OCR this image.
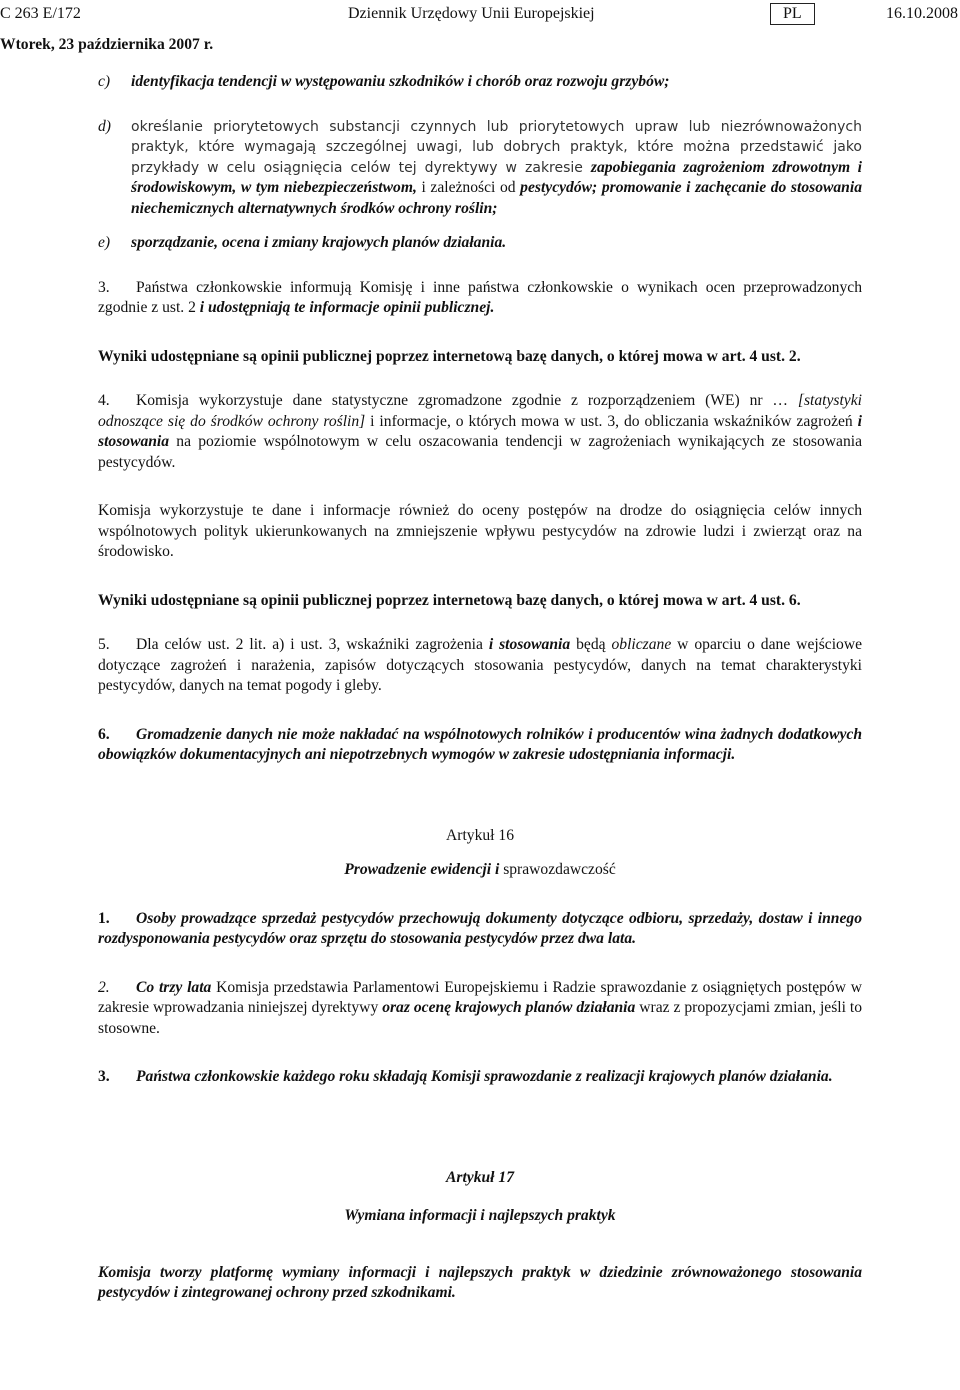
C 263 E/172	Dziennik Urzędowy Unii Europejskiej	PL	16.10.2008
Wtorek, 23 października 2007 r.
c) identyfikacja tendencji w występowaniu szkodników i chorób oraz rozwoju grzybów;
d) określanie priorytetowych substancji czynnych lub priorytetowych upraw lub niezrównoważonych praktyk, które wymagają szczególnej uwagi, lub dobrych praktyk, które można przedstawić jako przykłady w celu osiągnięcia celów tej dyrektywy w zakresie zapobiegania zagrożeniom zdrowotnym i środowiskowym, w tym niebezpieczeństwom, i zależności od pestycydów; promowanie i zachęcanie do stosowania niechemicznych alternatywnych środków ochrony roślin;
e) sporządzanie, ocena i zmiany krajowych planów działania.

3. Państwa członkowskie informują Komisję i inne państwa członkowskie o wynikach ocen przeprowadzonych zgodnie z ust. 2 i udostępniają te informacje opinii publicznej.

Wyniki udostępniane są opinii publicznej poprzez internetową bazę danych, o której mowa w art. 4 ust. 2.

4. Komisja wykorzystuje dane statystyczne zgromadzone zgodnie z rozporządzeniem (WE) nr … [statystyki odnoszące się do środków ochrony roślin] i informacje, o których mowa w ust. 3, do obliczania wskaźników zagrożeń i stosowania na poziomie wspólnotowym w celu oszacowania tendencji w zagrożeniach wynikających ze stosowania pestycydów.

Komisja wykorzystuje te dane i informacje również do oceny postępów na drodze do osiągnięcia celów innych wspólnotowych polityk ukierunkowanych na zmniejszenie wpływu pestycydów na zdrowie ludzi i zwierząt oraz na środowisko.

Wyniki udostępniane są opinii publicznej poprzez internetową bazę danych, o której mowa w art. 4 ust. 6.

5. Dla celów ust. 2 lit. a) i ust. 3, wskaźniki zagrożenia i stosowania będą obliczane w oparciu o dane wejściowe dotyczące zagrożeń i narażenia, zapisów dotyczących stosowania pestycydów, danych na temat charakterystyki pestycydów, danych na temat pogody i gleby.

6. Gromadzenie danych nie może nakładać na wspólnotowych rolników i producentów wina żadnych dodatkowych obowiązków dokumentacyjnych ani niepotrzebnych wymogów w zakresie udostępniania informacji.

Artykuł 16

Prowadzenie ewidencji i sprawozdawczość

1. Osoby prowadzące sprzedaż pestycydów przechowują dokumenty dotyczące odbioru, sprzedaży, dostaw i innego rozdysponowania pestycydów oraz sprzętu do stosowania pestycydów przez dwa lata.

2. Co trzy lata Komisja przedstawia Parlamentowi Europejskiemu i Radzie sprawozdanie z osiągniętych postępów w zakresie wprowadzania niniejszej dyrektywy oraz ocenę krajowych planów działania wraz z propozycjami zmian, jeśli to stosowne.

3. Państwa członkowskie każdego roku składają Komisji sprawozdanie z realizacji krajowych planów działania.

Artykuł 17

Wymiana informacji i najlepszych praktyk

Komisja tworzy platformę wymiany informacji i najlepszych praktyk w dziedzinie zrównoważonego stosowania pestycydów i zintegrowanej ochrony przed szkodnikami.
